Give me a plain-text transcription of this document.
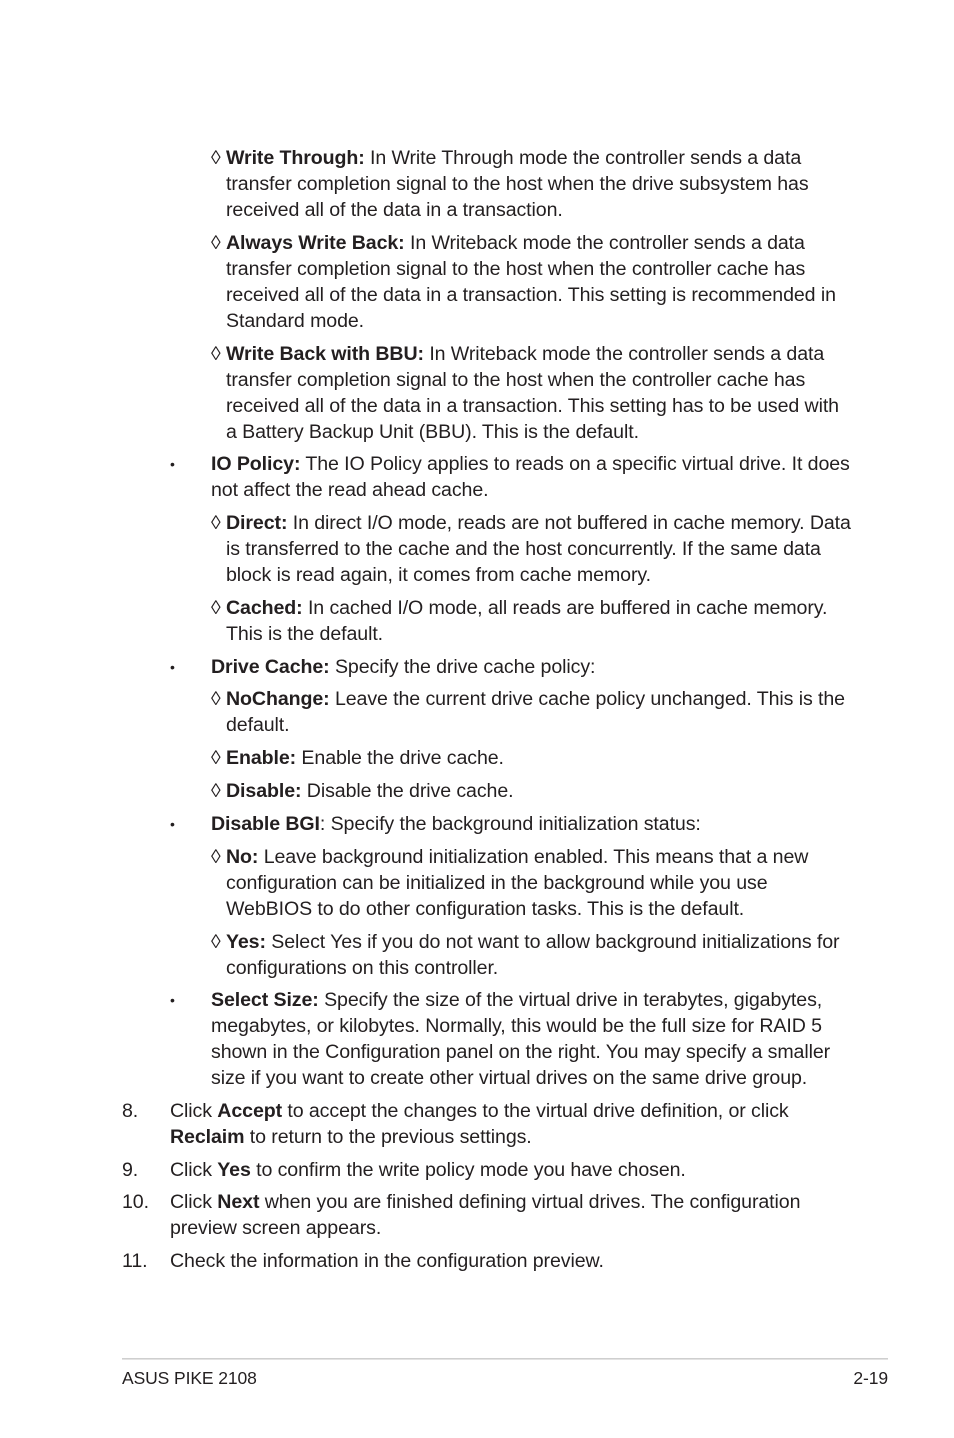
◊ Write Through: In Write Through mode the controller sends a data transfer completion signal to the host when the drive subsystem has received all of the data in a transaction.
◊ Always Write Back: In Writeback mode the controller sends a data transfer completion signal to the host when the controller cache has received all of the data in a transaction. This setting is recommended in Standard mode.
◊ Write Back with BBU: In Writeback mode the controller sends a data transfer completion signal to the host when the controller cache has received all of the data in a transaction. This setting has to be used with a Battery Backup Unit (BBU). This is the default.
•	IO Policy: The IO Policy applies to reads on a specific virtual drive. It does not affect the read ahead cache.
◊ Direct: In direct I/O mode, reads are not buffered in cache memory. Data is transferred to the cache and the host concurrently. If the same data block is read again, it comes from cache memory.
◊ Cached: In cached I/O mode, all reads are buffered in cache memory. This is the default.
•	Drive Cache: Specify the drive cache policy:
◊ NoChange: Leave the current drive cache policy unchanged. This is the default.
◊ Enable: Enable the drive cache.
◊ Disable: Disable the drive cache.
•	Disable BGI: Specify the background initialization status:
◊ No: Leave background initialization enabled. This means that a new configuration can be initialized in the background while you use WebBIOS to do other configuration tasks. This is the default.
◊ Yes: Select Yes if you do not want to allow background initializations for configurations on this controller.
•	Select Size: Specify the size of the virtual drive in terabytes, gigabytes, megabytes, or kilobytes. Normally, this would be the full size for RAID 5 shown in the Configuration panel on the right. You may specify a smaller size if you want to create other virtual drives on the same drive group.
8. Click Accept to accept the changes to the virtual drive definition, or click Reclaim to return to the previous settings.
9. Click Yes to confirm the write policy mode you have chosen.
10. Click Next when you are finished defining virtual drives. The configuration preview screen appears.
11. Check the information in the configuration preview.
ASUS PIKE 2108	2-19
